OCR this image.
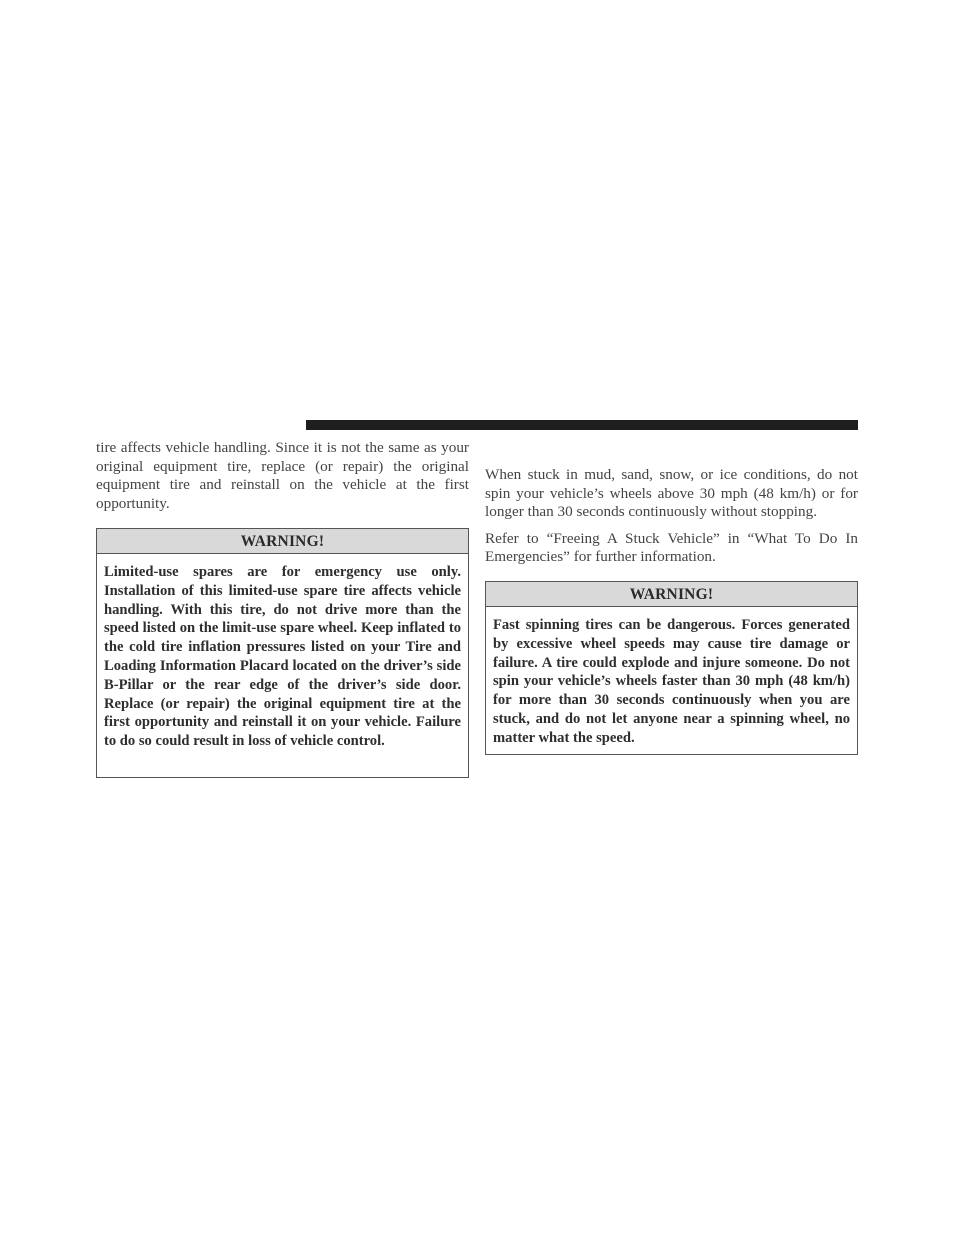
tire affects vehicle handling. Since it is not the same as your original equipment tire, replace (or repair) the original equipment tire and reinstall on the vehicle at the first opportunity.

WARNING!

Limited-use spares are for emergency use only. Installation of this limited-use spare tire affects vehicle handling. With this tire, do not drive more than the speed listed on the limit-use spare wheel. Keep inflated to the cold tire inflation pressures listed on your Tire and Loading Information Placard located on the driver’s side B-Pillar or the rear edge of the driver’s side door. Replace (or repair) the original equipment tire at the first opportunity and reinstall it on your vehicle. Failure to do so could result in loss of vehicle control.

When stuck in mud, sand, snow, or ice conditions, do not spin your vehicle’s wheels above 30 mph (48 km/h) or for longer than 30 seconds continuously without stopping.

Refer to “Freeing A Stuck Vehicle” in “What To Do In Emergencies” for further information.

WARNING!

Fast spinning tires can be dangerous. Forces generated by excessive wheel speeds may cause tire damage or failure. A tire could explode and injure someone. Do not spin your vehicle’s wheels faster than 30 mph (48 km/h) for more than 30 seconds continuously when you are stuck, and do not let anyone near a spinning wheel, no matter what the speed.
